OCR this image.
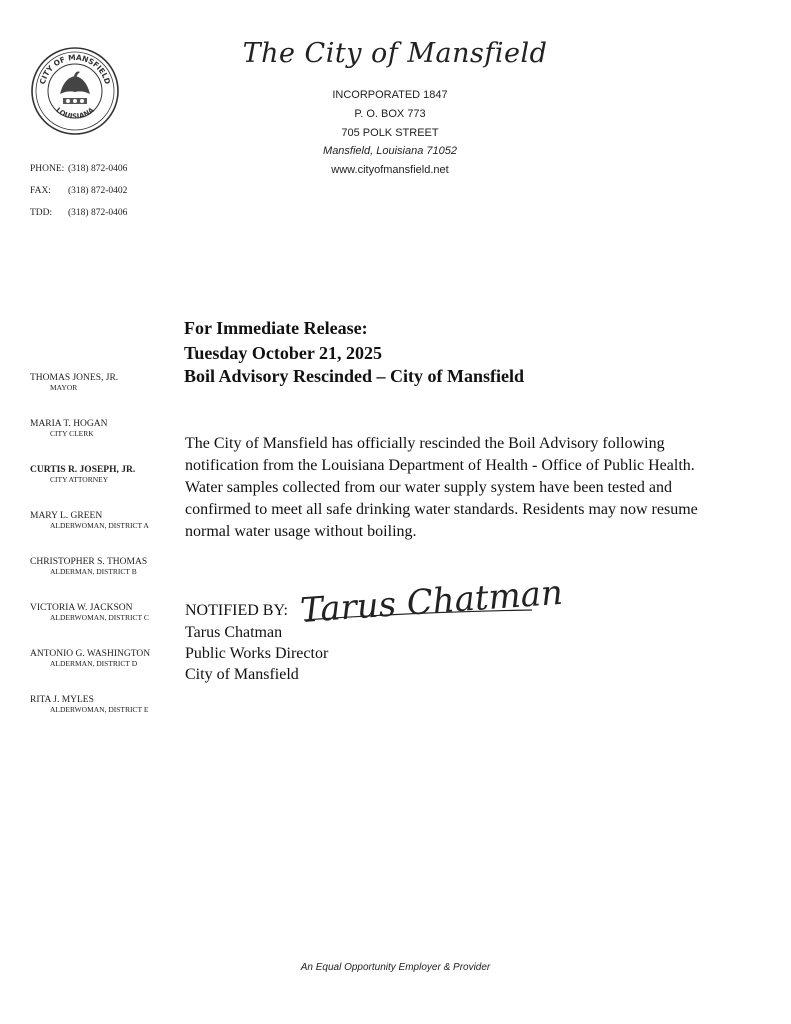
CITY OF MANSFIELD
LOUISIANA
The City of Mansfield
INCORPORATED 1847
P. O. BOX 773
705 POLK STREET
Mansfield, Louisiana 71052
www.cityofmansfield.net
PHONE: (318) 872-0406
FAX: (318) 872-0402
TDD: (318) 872-0406
THOMAS JONES, JR.
MAYOR
MARIA T. HOGAN
CITY CLERK
CURTIS R. JOSEPH, JR.
CITY ATTORNEY
MARY L. GREEN
ALDERWOMAN, DISTRICT A
CHRISTOPHER S. THOMAS
ALDERMAN, DISTRICT B
VICTORIA W. JACKSON
ALDERWOMAN, DISTRICT C
ANTONIO G. WASHINGTON
ALDERMAN, DISTRICT D
RITA J. MYLES
ALDERWOMAN, DISTRICT E
For Immediate Release:
Tuesday October 21, 2025
Boil Advisory Rescinded – City of Mansfield
The City of Mansfield has officially rescinded the Boil Advisory following notification from the Louisiana Department of Health - Office of Public Health. Water samples collected from our water supply system have been tested and confirmed to meet all safe drinking water standards. Residents may now resume normal water usage without boiling.
NOTIFIED BY: Tarus Chatman
Tarus Chatman
Public Works Director
City of Mansfield
An Equal Opportunity Employer & Provider
